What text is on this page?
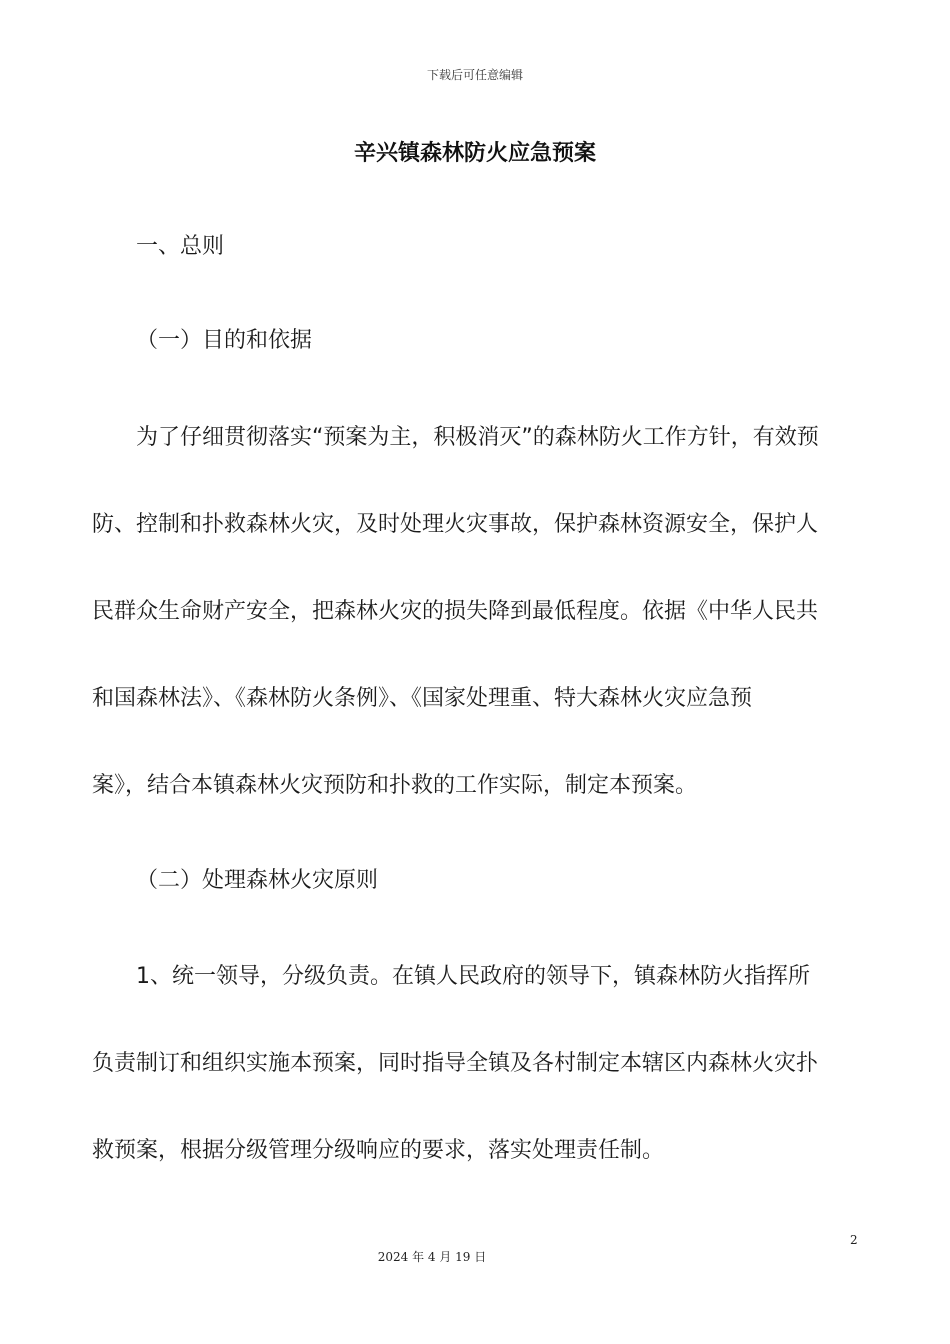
下载后可任意编辑
辛兴镇森林防火应急预案
一、总则
（一）目的和依据
为了仔细贯彻落实“预案为主，积极消灭”的森林防火工作方针，有效预
防、控制和扑救森林火灾，及时处理火灾事故，保护森林资源安全，保护人
民群众生命财产安全，把森林火灾的损失降到最低程度。依据《中华人民共
和国森林法》、《森林防火条例》、《国家处理重、特大森林火灾应急预
案》，结合本镇森林火灾预防和扑救的工作实际，制定本预案。
（二）处理森林火灾原则
1、统一领导，分级负责。在镇人民政府的领导下，镇森林防火指挥所
负责制订和组织实施本预案，同时指导全镇及各村制定本辖区内森林火灾扑
救预案，根据分级管理分级响应的要求，落实处理责任制。
2
2024 年 4 月 19 日
